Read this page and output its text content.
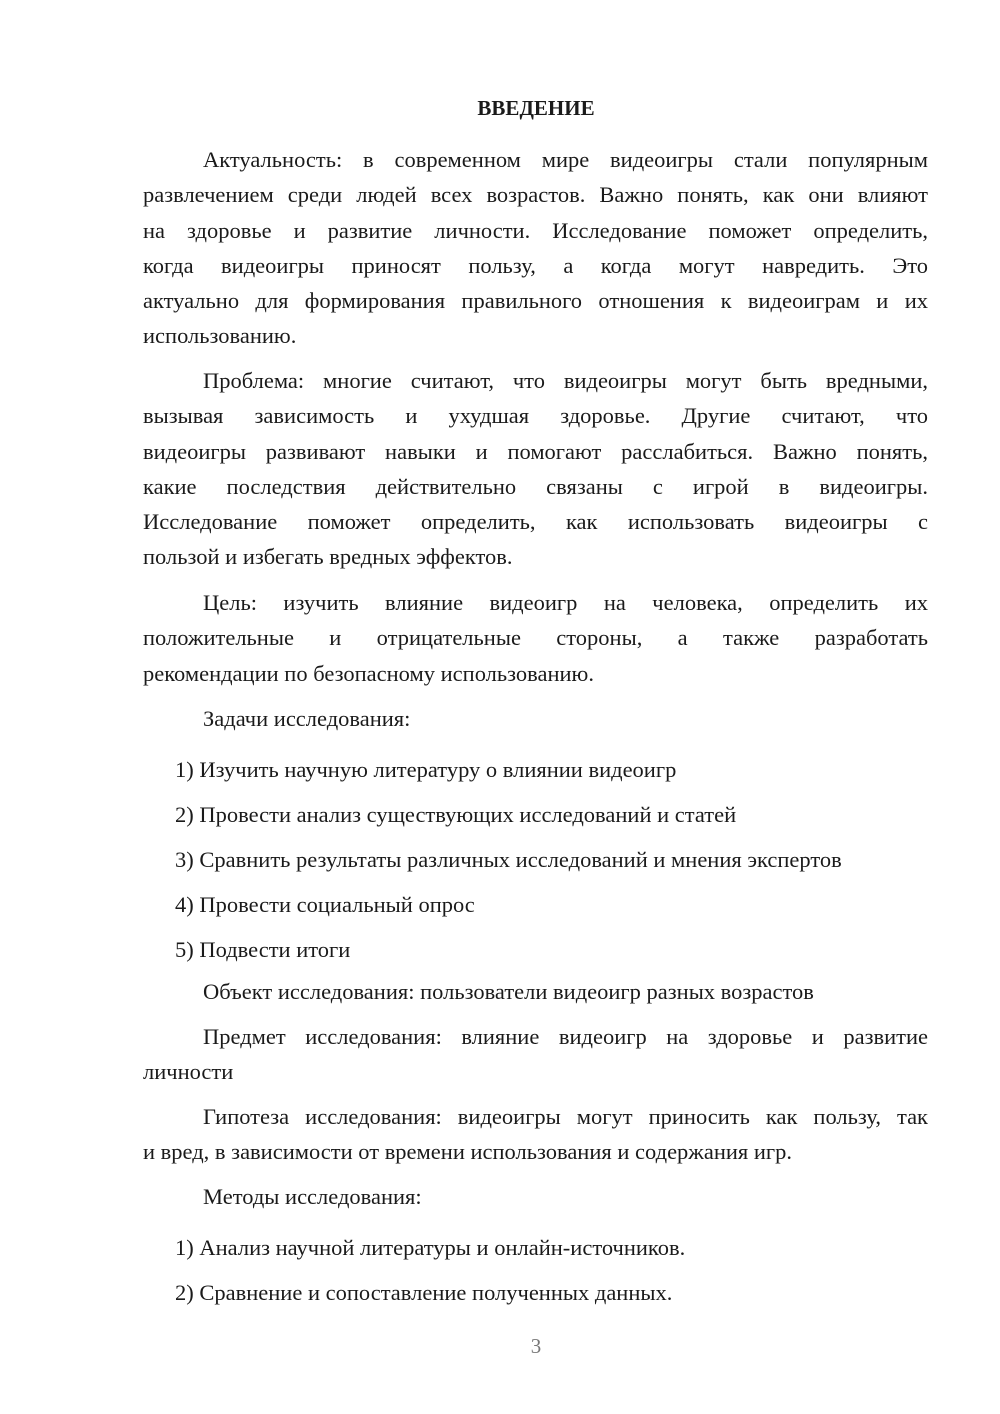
ВВЕДЕНИЕ
Актуальность: в современном мире видеоигры стали популярным
развлечением среди людей всех возрастов. Важно понять, как они влияют
на здоровье и развитие личности. Исследование поможет определить,
когда видеоигры приносят пользу, а когда могут навредить. Это
актуально для формирования правильного отношения к видеоиграм и их
использованию.
Проблема: многие считают, что видеоигры могут быть вредными,
вызывая зависимость и ухудшая здоровье. Другие считают, что
видеоигры развивают навыки и помогают расслабиться. Важно понять,
какие последствия действительно связаны с игрой в видеоигры.
Исследование поможет определить, как использовать видеоигры с
пользой и избегать вредных эффектов.
Цель: изучить влияние видеоигр на человека, определить их
положительные и отрицательные стороны, а также разработать
рекомендации по безопасному использованию.
Задачи исследования:
1) Изучить научную литературу о влиянии видеоигр
2) Провести анализ существующих исследований и статей
3) Сравнить результаты различных исследований и мнения экспертов
4) Провести социальный опрос
5) Подвести итоги
Объект исследования: пользователи видеоигр разных возрастов
Предмет исследования: влияние видеоигр на здоровье и развитие
личности
Гипотеза исследования: видеоигры могут приносить как пользу, так
и вред, в зависимости от времени использования и содержания игр.
Методы исследования:
1) Анализ научной литературы и онлайн-источников.
2) Сравнение и сопоставление полученных данных.
3
